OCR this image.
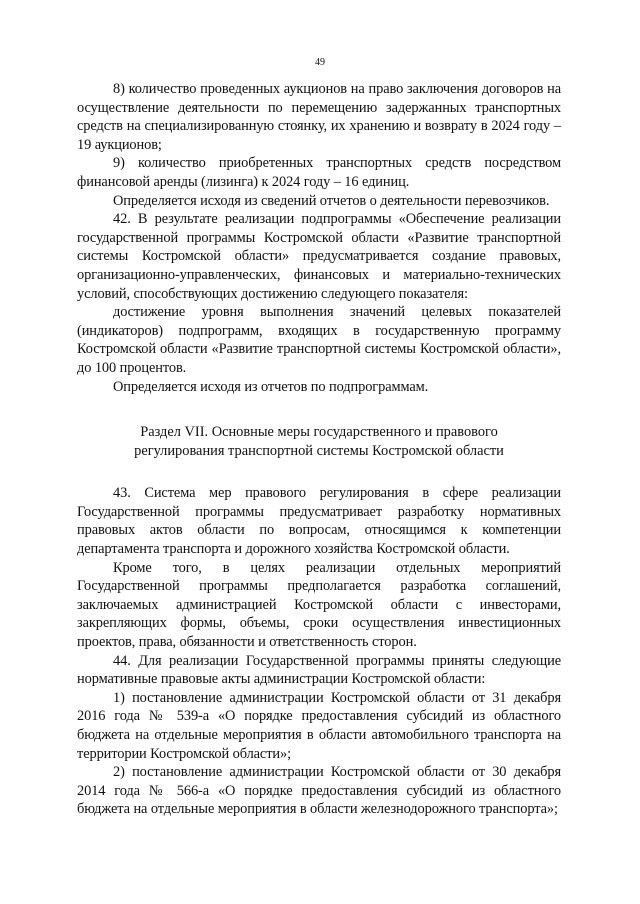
49

8) количество проведенных аукционов на право заключения договоров на осуществление деятельности по перемещению задержанных транспортных средств на специализированную стоянку, их хранению и возврату в 2024 году – 19 аукционов;

9) количество приобретенных транспортных средств посредством финансовой аренды (лизинга) к 2024 году – 16 единиц.

Определяется исходя из сведений отчетов о деятельности перевозчиков.

42. В результате реализации подпрограммы «Обеспечение реализации государственной программы Костромской области «Развитие транспортной системы Костромской области» предусматривается создание правовых, организационно-управленческих, финансовых и материально-технических условий, способствующих достижению следующего показателя:

достижение уровня выполнения значений целевых показателей (индикаторов) подпрограмм, входящих в государственную программу Костромской области «Развитие транспортной системы Костромской области», до 100 процентов.

Определяется исходя из отчетов по подпрограммам.

Раздел VII. Основные меры государственного и правового
регулирования транспортной системы Костромской области

43. Система мер правового регулирования в сфере реализации Государственной программы предусматривает разработку нормативных правовых актов области по вопросам, относящимся к компетенции департамента транспорта и дорожного хозяйства Костромской области.

Кроме того, в целях реализации отдельных мероприятий Государственной программы предполагается разработка соглашений, заключаемых администрацией Костромской области с инвесторами, закрепляющих формы, объемы, сроки осуществления инвестиционных проектов, права, обязанности и ответственность сторон.

44. Для реализации Государственной программы приняты следующие нормативные правовые акты администрации Костромской области:

1) постановление администрации Костромской области от 31 декабря 2016 года № 539-а «О порядке предоставления субсидий из областного бюджета на отдельные мероприятия в области автомобильного транспорта на территории Костромской области»;

2) постановление администрации Костромской области от 30 декабря 2014 года № 566-а «О порядке предоставления субсидий из областного бюджета на отдельные мероприятия в области железнодорожного транспорта»;
